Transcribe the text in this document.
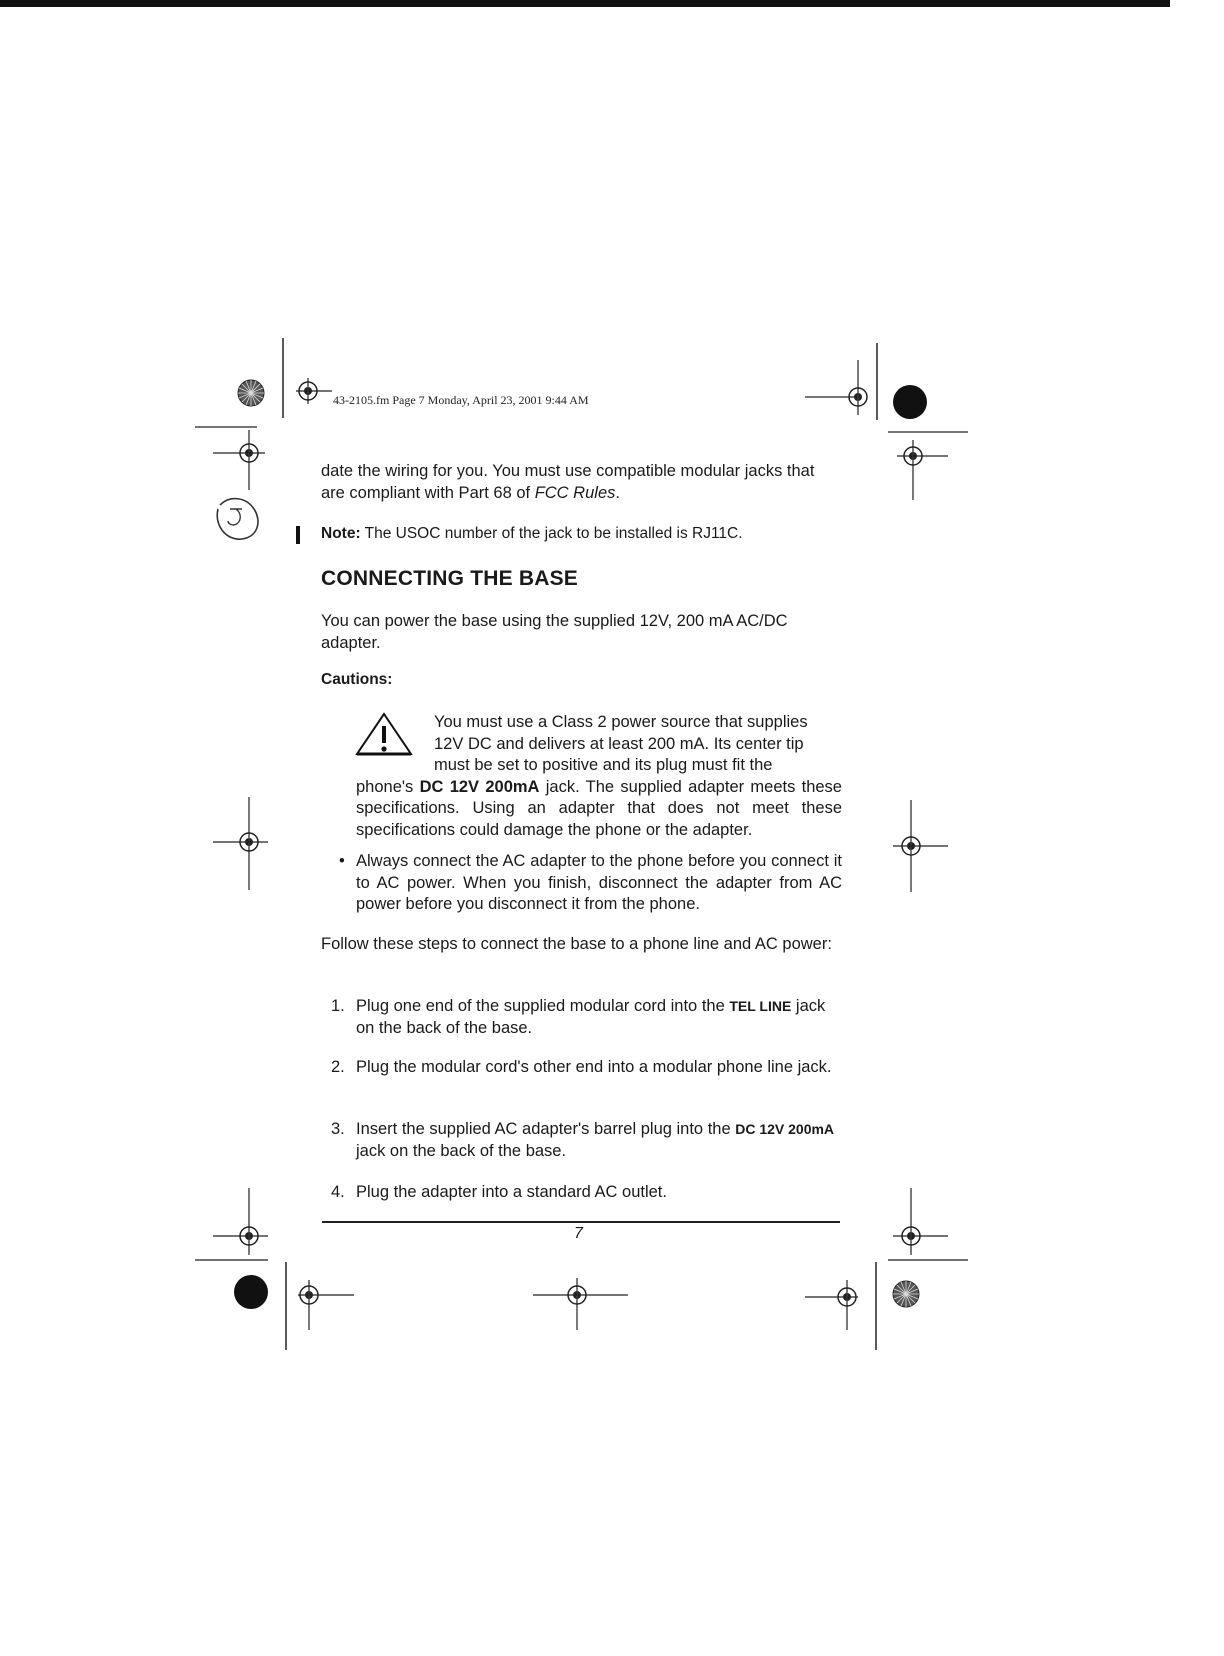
43-2105.fm Page 7 Monday, April 23, 2001 9:44 AM
date the wiring for you. You must use compatible modular jacks that are compliant with Part 68 of FCC Rules.
Note: The USOC number of the jack to be installed is RJ11C.
CONNECTING THE BASE
You can power the base using the supplied 12V, 200 mA AC/DC adapter.
Cautions:
You must use a Class 2 power source that supplies
12V DC and delivers at least 200 mA. Its center tip
must be set to positive and its plug must fit the
phone's DC 12V 200mA jack. The supplied adapter meets these specifications. Using an adapter that does not meet these specifications could damage the phone or the adapter.
• Always connect the AC adapter to the phone before you connect it to AC power. When you finish, disconnect the adapter from AC power before you disconnect it from the phone.
Follow these steps to connect the base to a phone line and AC power:
1. Plug one end of the supplied modular cord into the TEL LINE jack on the back of the base.
2. Plug the modular cord's other end into a modular phone line jack.
3. Insert the supplied AC adapter's barrel plug into the DC 12V 200mA jack on the back of the base.
4. Plug the adapter into a standard AC outlet.
7
